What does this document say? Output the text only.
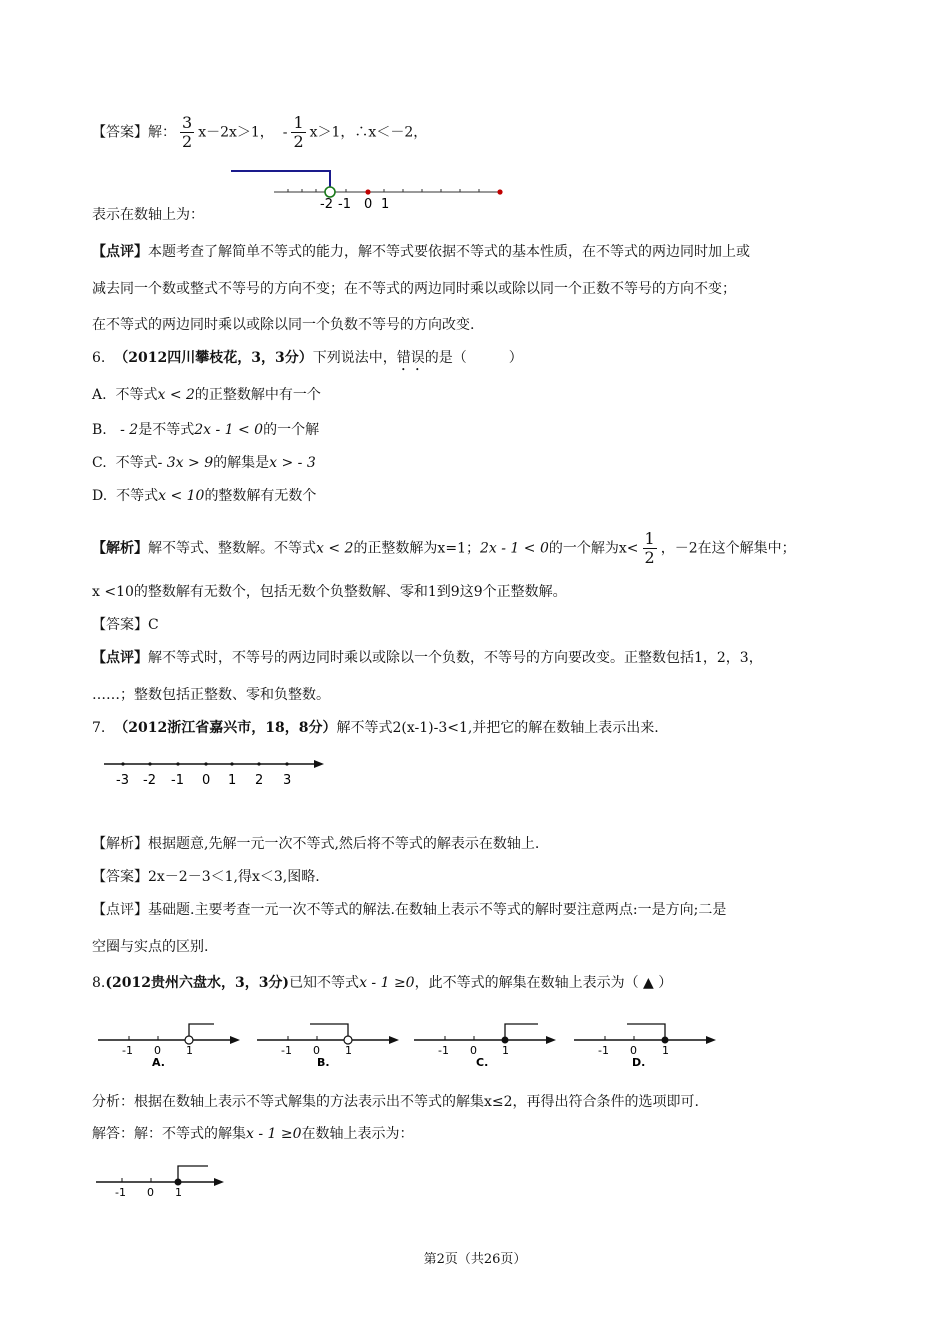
【答案】解： $\frac{3}{2} x-2x>1$， - $\frac{1}{2} x>1$，∴x＜－2，
-2 -1 0 1
表示在数轴上为：
【点评】本题考查了解简单不等式的能力，解不等式要依据不等式的基本性质，在不等式的两边同时加上或
减去同一个数或整式不等号的方向不变；在不等式的两边同时乘以或除以同一个正数不等号的方向不变；
在不等式的两边同时乘以或除以同一个负数不等号的方向改变.
6. （2012四川攀枝花，3，3分）下列说法中，错误的是（　　　）
A. 不等式x < 2的正整数解中有一个
B. - 2是不等式2x - 1 < 0的一个解
C. 不等式- 3x > 9的解集是x > - 3
D. 不等式x < 10的整数解有无数个
【解析】解不等式、整数解。不等式x < 2的正整数解为x=1；2x - 1 < 0的一个解为$x< \frac{1}{2}$ ，－2在这个解集中；
x <10的整数解有无数个，包括无数个负整数解、零和1到9这9个正整数解。
【答案】C
【点评】解不等式时，不等号的两边同时乘以或除以一个负数，不等号的方向要改变。正整数包括1，2，3，
……；整数包括正整数、零和负整数。
7. （2012浙江省嘉兴市，18，8分）解不等式2(x-1)-3<1,并把它的解在数轴上表示出来.
-3 -2 -1 0 1 2 3
【解析】根据题意,先解一元一次不等式,然后将不等式的解表示在数轴上.
【答案】2x－2－3＜1,得x＜3,图略.
【点评】基础题.主要考查一元一次不等式的解法.在数轴上表示不等式的解时要注意两点:一是方向;二是
空圈与实点的区别.
8.(2012贵州六盘水，3，3分)已知不等式x - 1 ≥0，此不等式的解集在数轴上表示为（ ▲ ）
-1 0 1
A.
-1 0 1
B.
-1 0 1
C.
-1 0 1
D.
分析：根据在数轴上表示不等式解集的方法表示出不等式的解集x≤2，再得出符合条件的选项即可.
解答：解：不等式的解集x - 1 ≥0在数轴上表示为：
-1 0 1
第2页（共26页）
